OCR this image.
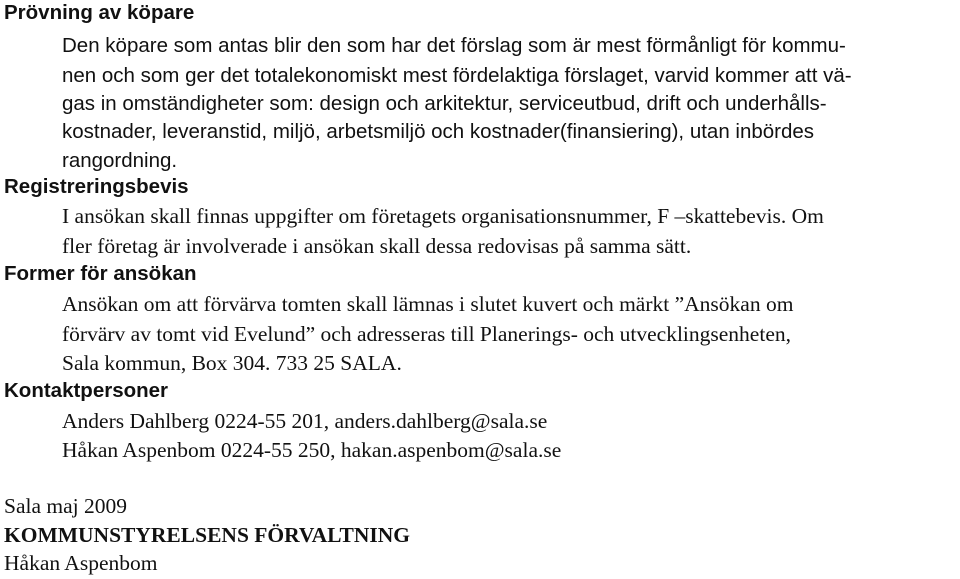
Prövning av köpare
Den köpare som antas blir den som har det förslag som är mest förmånligt för kommu-
nen och som ger det totalekonomiskt mest fördelaktiga förslaget, varvid kommer att vä-
gas in omständigheter som: design och arkitektur, serviceutbud, drift och underhålls-
kostnader, leveranstid, miljö, arbetsmiljö och kostnader(finansiering), utan inbördes
rangordning.
Registreringsbevis
I ansökan skall finnas uppgifter om företagets organisationsnummer, F –skattebevis. Om
fler företag är involverade i ansökan skall dessa redovisas på samma sätt.
Former för ansökan
Ansökan om att förvärva tomten skall lämnas i slutet kuvert och märkt ”Ansökan om
förvärv av tomt vid Evelund” och adresseras till Planerings- och utvecklingsenheten,
Sala kommun, Box 304. 733 25 SALA.
Kontaktpersoner
Anders Dahlberg 0224-55 201, anders.dahlberg@sala.se
Håkan Aspenbom 0224-55 250, hakan.aspenbom@sala.se
Sala maj 2009
KOMMUNSTYRELSENS FÖRVALTNING
Håkan Aspenbom
